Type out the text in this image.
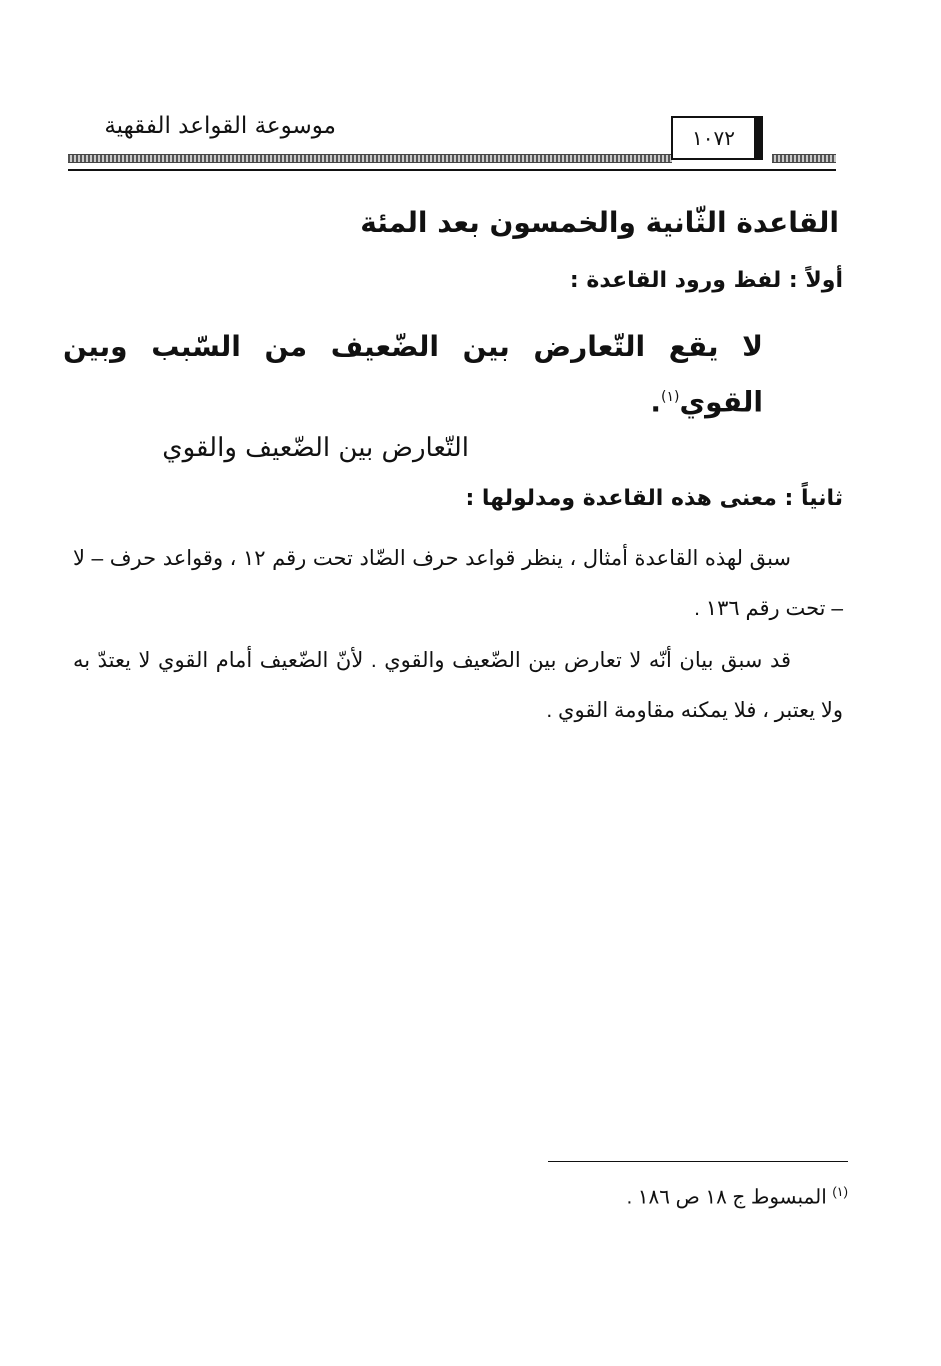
موسوعة القواعد الفقهية	١٠٧٢
القاعدة الثّانية والخمسون بعد المئة
أولاً : لفظ ورود القاعدة :
لا يقع التّعارض بين الضّعيف من السّبب وبين القوي$^{(١)}$.
التّعارض بين الضّعيف والقوي
ثانياً : معنى هذه القاعدة ومدلولها :
سبق لهذه القاعدة أمثال ، ينظر قواعد حرف الضّاد تحت رقم ١٢ ، وقواعد حرف – لا – تحت رقم ١٣٦ .
قد سبق بيان أنّه لا تعارض بين الضّعيف والقوي . لأنّ الضّعيف أمام القوي لا يعتدّ به ولا يعتبر ، فلا يمكنه مقاومة القوي .
$^{(١)}$ المبسوط ج ١٨ ص ١٨٦ .
